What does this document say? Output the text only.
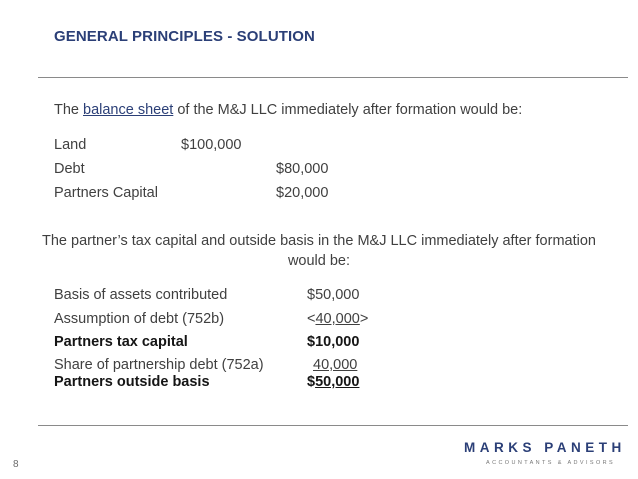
GENERAL PRINCIPLES - SOLUTION
The balance sheet of the M&J LLC immediately after formation would be:
Land	$100,000
Debt	$80,000
Partners Capital	$20,000
The partner’s tax capital and outside basis in the M&J LLC immediately after formation would be:
Basis of assets contributed	$50,000
Assumption of debt (752b)	<40,000>
Partners tax capital	$10,000
Share of partnership debt (752a)	40,000
Partners outside basis	$50,000
8
MARKS PANETH
ACCOUNTANTS & ADVISORS
